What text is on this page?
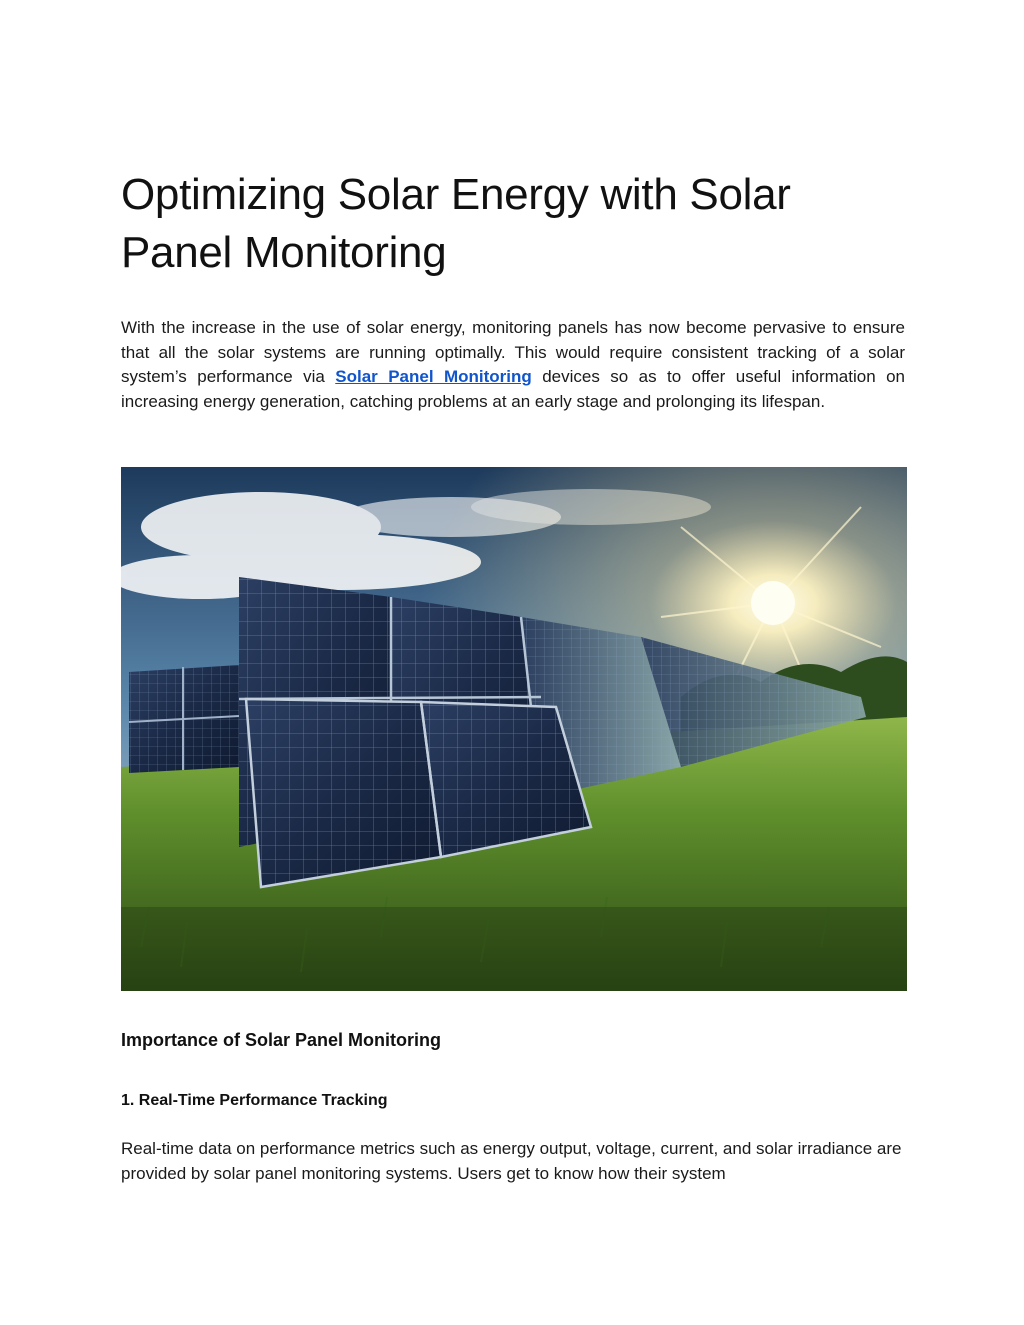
Optimizing Solar Energy with Solar Panel Monitoring

With the increase in the use of solar energy, monitoring panels has now become pervasive to ensure that all the solar systems are running optimally. This would require consistent tracking of a solar system’s performance via Solar Panel Monitoring devices so as to offer useful information on increasing energy generation, catching problems at an early stage and prolonging its lifespan.

Importance of Solar Panel Monitoring
1. Real-Time Performance Tracking

Real-time data on performance metrics such as energy output, voltage, current, and solar irradiance are provided by solar panel monitoring systems. Users get to know how their system
